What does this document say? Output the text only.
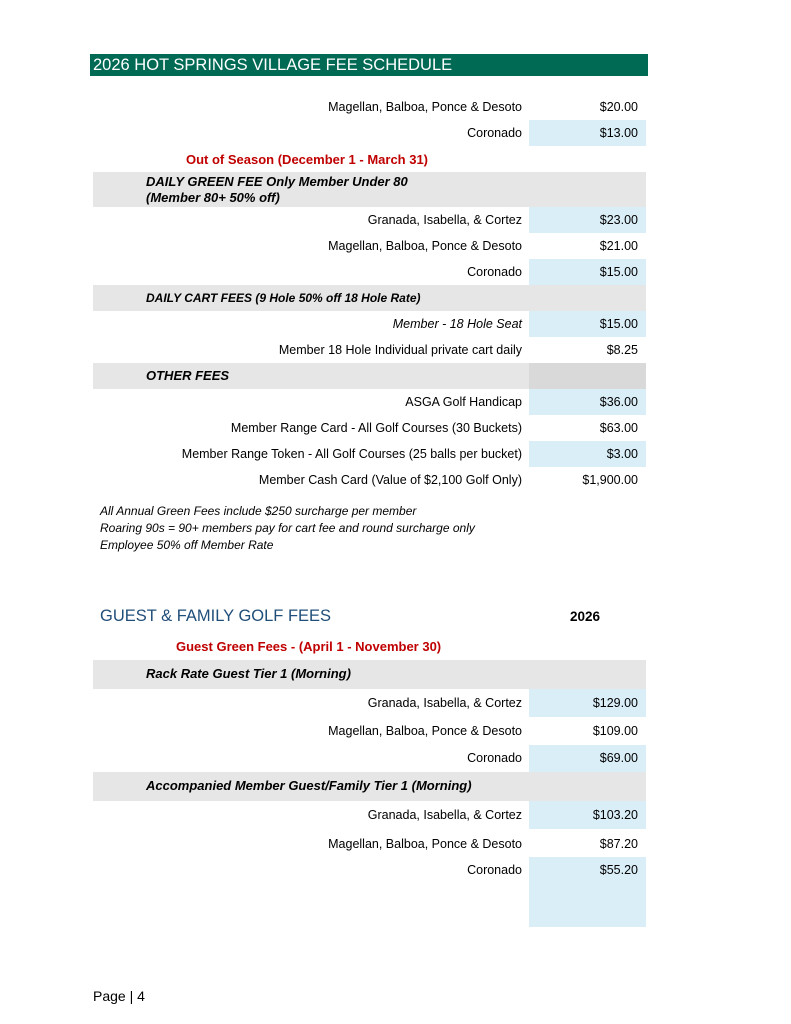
2026 HOT SPRINGS VILLAGE FEE SCHEDULE
Magellan, Balboa, Ponce & Desoto	$20.00
Coronado	$13.00
Out of Season (December 1 - March 31)
DAILY GREEN FEE Only Member Under 80
(Member 80+ 50% off)
Granada, Isabella, & Cortez	$23.00
Magellan, Balboa, Ponce & Desoto	$21.00
Coronado	$15.00
DAILY CART FEES (9 Hole 50% off 18 Hole Rate)
Member - 18 Hole Seat	$15.00
Member 18 Hole Individual private cart daily	$8.25
OTHER FEES
ASGA Golf Handicap	$36.00
Member Range Card - All Golf Courses (30 Buckets)	$63.00
Member Range Token - All Golf Courses (25 balls per bucket)	$3.00
Member Cash Card (Value of $2,100 Golf Only)	$1,900.00
All Annual Green Fees include $250 surcharge per member
Roaring 90s = 90+ members pay for cart fee and round surcharge only
Employee 50% off Member Rate
GUEST & FAMILY GOLF FEES	2026
Guest Green Fees - (April 1 - November 30)
Rack Rate Guest Tier 1 (Morning)
Granada, Isabella, & Cortez	$129.00
Magellan, Balboa, Ponce & Desoto	$109.00
Coronado	$69.00
Accompanied Member Guest/Family Tier 1 (Morning)
Granada, Isabella, & Cortez	$103.20
Magellan, Balboa, Ponce & Desoto	$87.20
Coronado	$55.20
Page | 4
